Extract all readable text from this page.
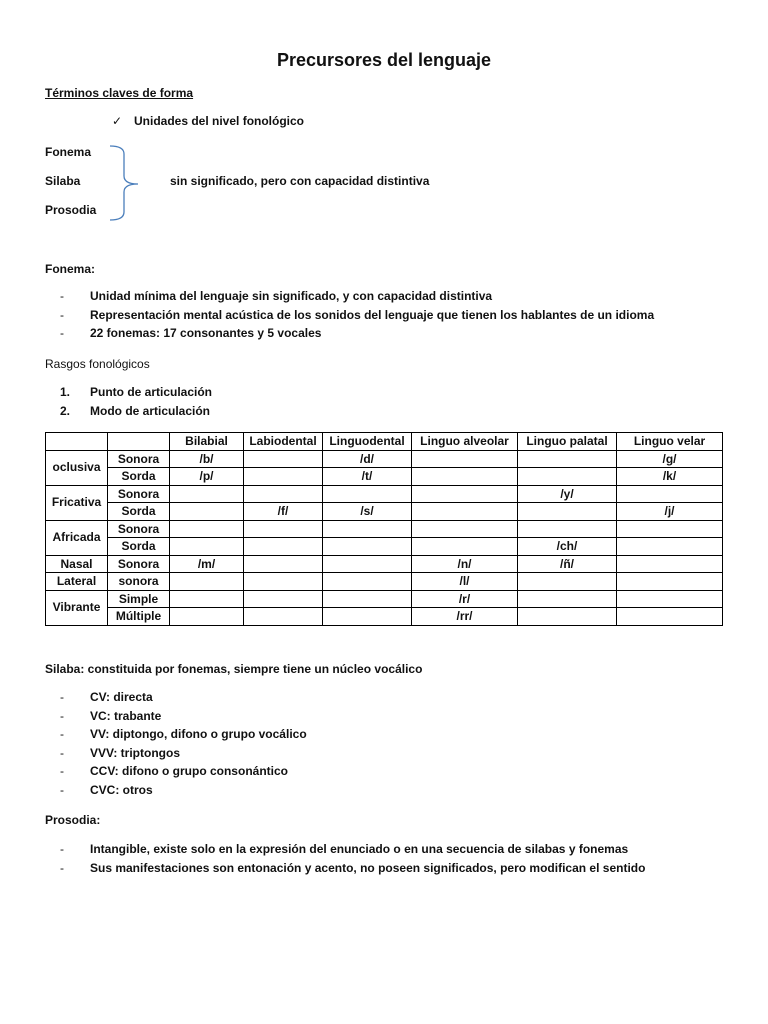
Precursores del lenguaje
Términos claves de forma
✓ Unidades del nivel fonológico
Fonema
Silaba
Prosodia
sin significado, pero con capacidad distintiva
Fonema:
- Unidad mínima del lenguaje sin significado, y con capacidad distintiva
- Representación mental acústica de los sonidos del lenguaje que tienen los hablantes de un idioma
- 22 fonemas: 17 consonantes y 5 vocales
Rasgos fonológicos
1. Punto de articulación
2. Modo de articulación
		Bilabial	Labiodental	Linguodental	Linguo alveolar	Linguo palatal	Linguo velar
oclusiva	Sonora	/b/		/d/			/g/
	Sorda	/p/		/t/			/k/
Fricativa	Sonora					/y/	
	Sorda		/f/	/s/			/j/
Africada	Sonora						
	Sorda					/ch/	
Nasal	Sonora	/m/			/n/	/ñ/	
Lateral	sonora				/l/		
Vibrante	Simple				/r/		
	Múltiple				/rr/		
Silaba: constituida por fonemas, siempre tiene un núcleo vocálico
- CV: directa
- VC: trabante
- VV: diptongo, difono o grupo vocálico
- VVV: triptongos
- CCV: difono o grupo consonántico
- CVC: otros
Prosodia:
- Intangible, existe solo en la expresión del enunciado o en una secuencia de silabas y fonemas
- Sus manifestaciones son entonación y acento, no poseen significados, pero modifican el sentido
